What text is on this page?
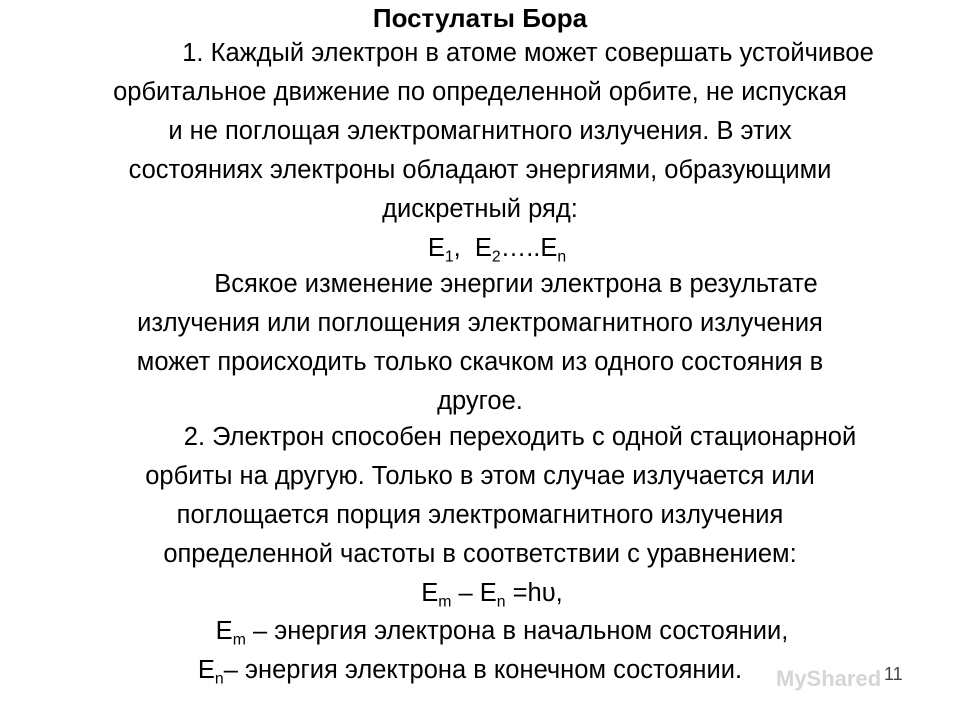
Постулаты Бора
1. Каждый электрон в атоме может совершать устойчивое
орбитальное движение по определенной орбите, не испуская
и не поглощая электромагнитного излучения. В этих
состояниях электроны обладают энергиями, образующими
дискретный ряд:
$E_1$,  $E_2\dots..E_n$
Всякое изменение энергии электрона в результате
излучения или поглощения электромагнитного излучения
может происходить только скачком из одного состояния в
другое.
2. Электрон способен переходить с одной стационарной
орбиты на другую. Только в этом случае излучается или
поглощается порция электромагнитного излучения
определенной частоты в соответствии с уравнением:
$E_m - E_n =h\upsilon$,
$E_m$ – энергия электрона в начальном состоянии,
$E_n-$ энергия электрона в конечном состоянии.	MyShared 11
